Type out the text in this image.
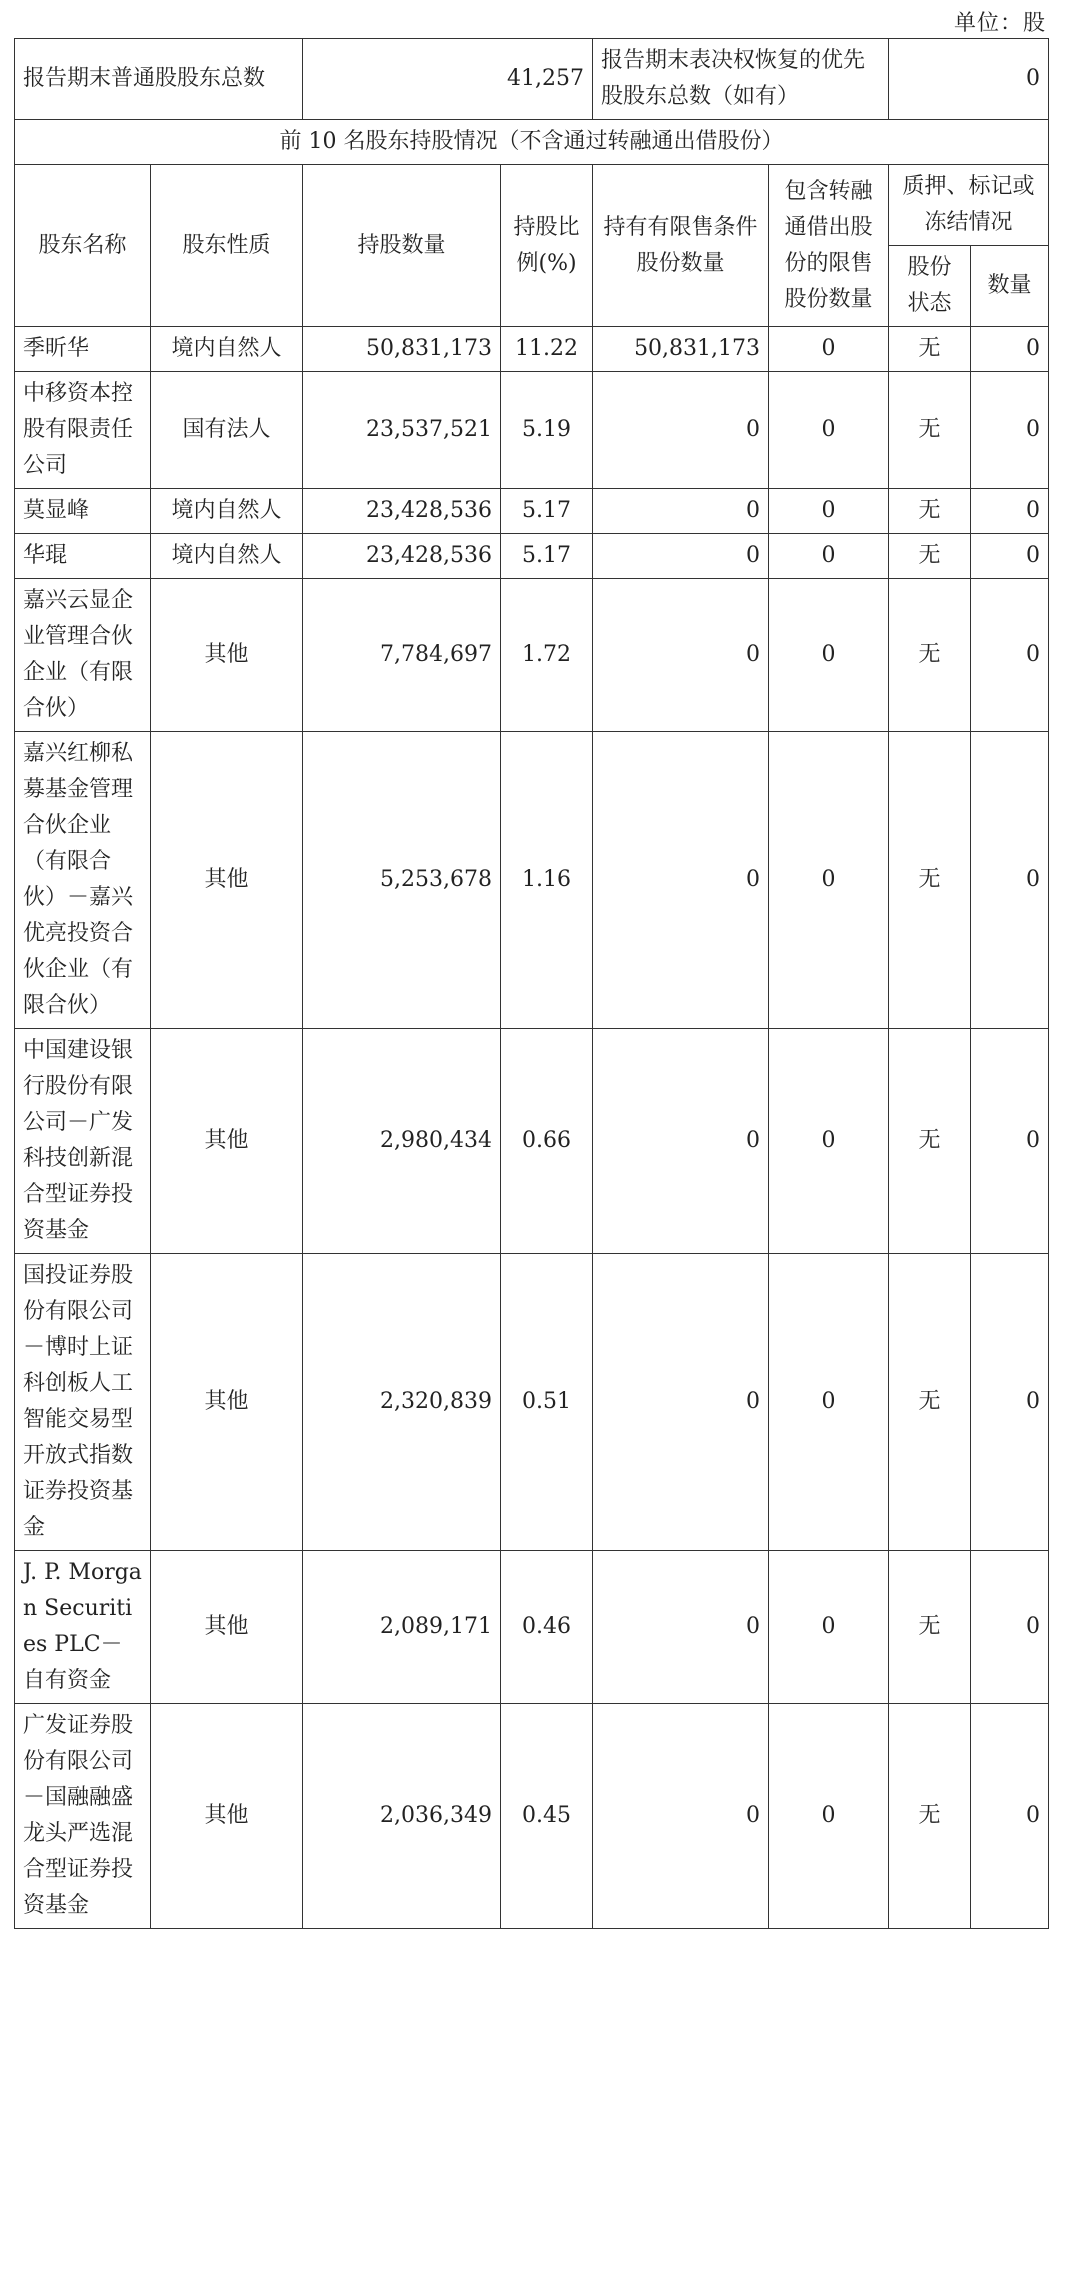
单位：股
报告期末普通股股东总数		41,257		报告期末表决权恢复的优先股股东总数（如有）		0	
前 10 名股东持股情况（不含通过转融通出借股份）							
股东名称	股东性质	持股数量	持股比例(%)	持有有限售条件股份数量	包含转融通借出股份的限售股份数量	质押、标记或冻结情况	
						股份状态	数量
季昕华	境内自然人	50,831,173	11.22	50,831,173	0	无	0
中移资本控股有限责任公司	国有法人	23,537,521	5.19	0	0	无	0
莫显峰	境内自然人	23,428,536	5.17	0	0	无	0
华琨	境内自然人	23,428,536	5.17	0	0	无	0
嘉兴云显企业管理合伙企业（有限合伙）	其他	7,784,697	1.72	0	0	无	0
嘉兴红柳私募基金管理合伙企业（有限合伙）－嘉兴优亮投资合伙企业（有限合伙）	其他	5,253,678	1.16	0	0	无	0
中国建设银行股份有限公司－广发科技创新混合型证券投资基金	其他	2,980,434	0.66	0	0	无	0
国投证券股份有限公司－博时上证科创板人工智能交易型开放式指数证券投资基金	其他	2,320,839	0.51	0	0	无	0
J. P. Morgan Securities PLC－自有资金	其他	2,089,171	0.46	0	0	无	0
广发证券股份有限公司－国融融盛龙头严选混合型证券投资基金	其他	2,036,349	0.45	0	0	无	0
